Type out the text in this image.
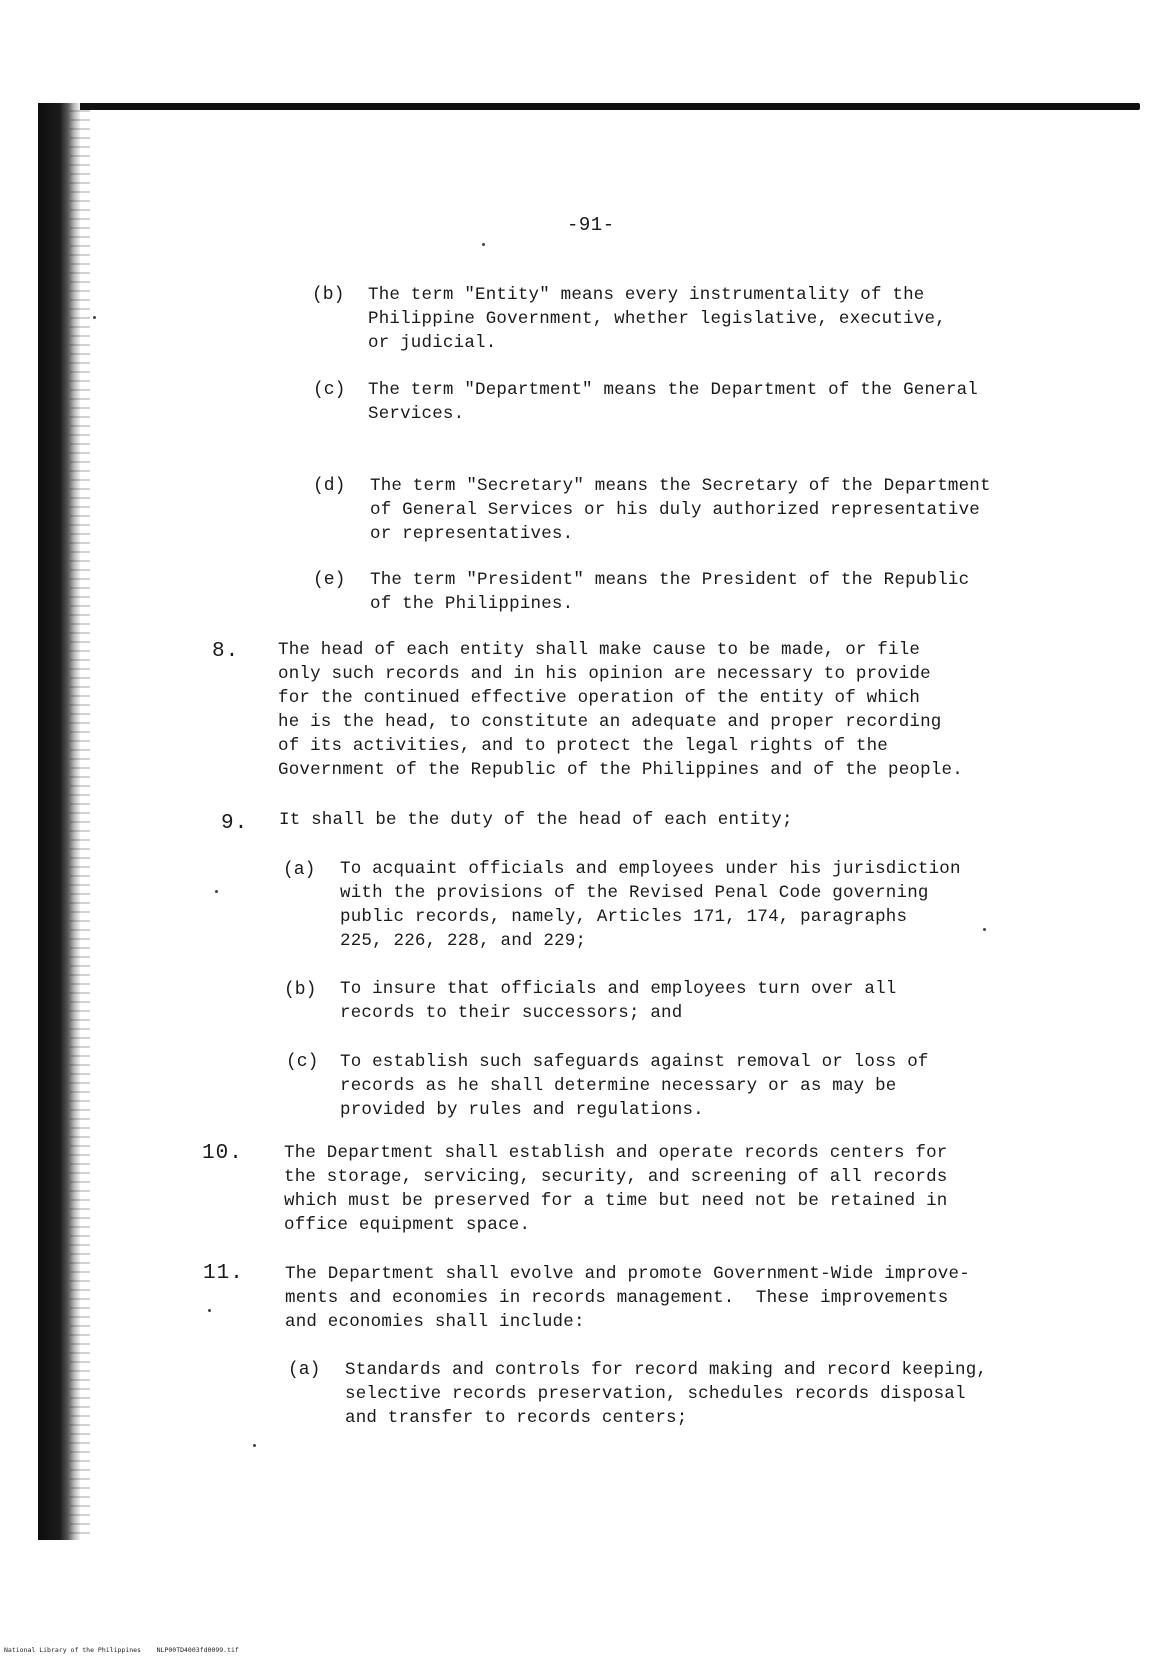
-91-
(b) The term "Entity" means every instrumentality of the
Philippine Government, whether legislative, executive,
or judicial.
(c) The term "Department" means the Department of the General
Services.
(d) The term "Secretary" means the Secretary of the Department
of General Services or his duly authorized representative
or representatives.
(e) The term "President" means the President of the Republic
of the Philippines.
8. The head of each entity shall make cause to be made, or file
only such records and in his opinion are necessary to provide
for the continued effective operation of the entity of which
he is the head, to constitute an adequate and proper recording
of its activities, and to protect the legal rights of the
Government of the Republic of the Philippines and of the people.
9. It shall be the duty of the head of each entity;
(a) To acquaint officials and employees under his jurisdiction
with the provisions of the Revised Penal Code governing
public records, namely, Articles 171, 174, paragraphs
225, 226, 228, and 229;
(b) To insure that officials and employees turn over all
records to their successors; and
(c) To establish such safeguards against removal or loss of
records as he shall determine necessary or as may be
provided by rules and regulations.
10. The Department shall establish and operate records centers for
the storage, servicing, security, and screening of all records
which must be preserved for a time but need not be retained in
office equipment space.
11. The Department shall evolve and promote Government-Wide improve-
ments and economies in records management.  These improvements
and economies shall include:
(a) Standards and controls for record making and record keeping,
selective records preservation, schedules records disposal
and transfer to records centers;
National Library of the Philippines NLP00TD4003fd0099.tif
